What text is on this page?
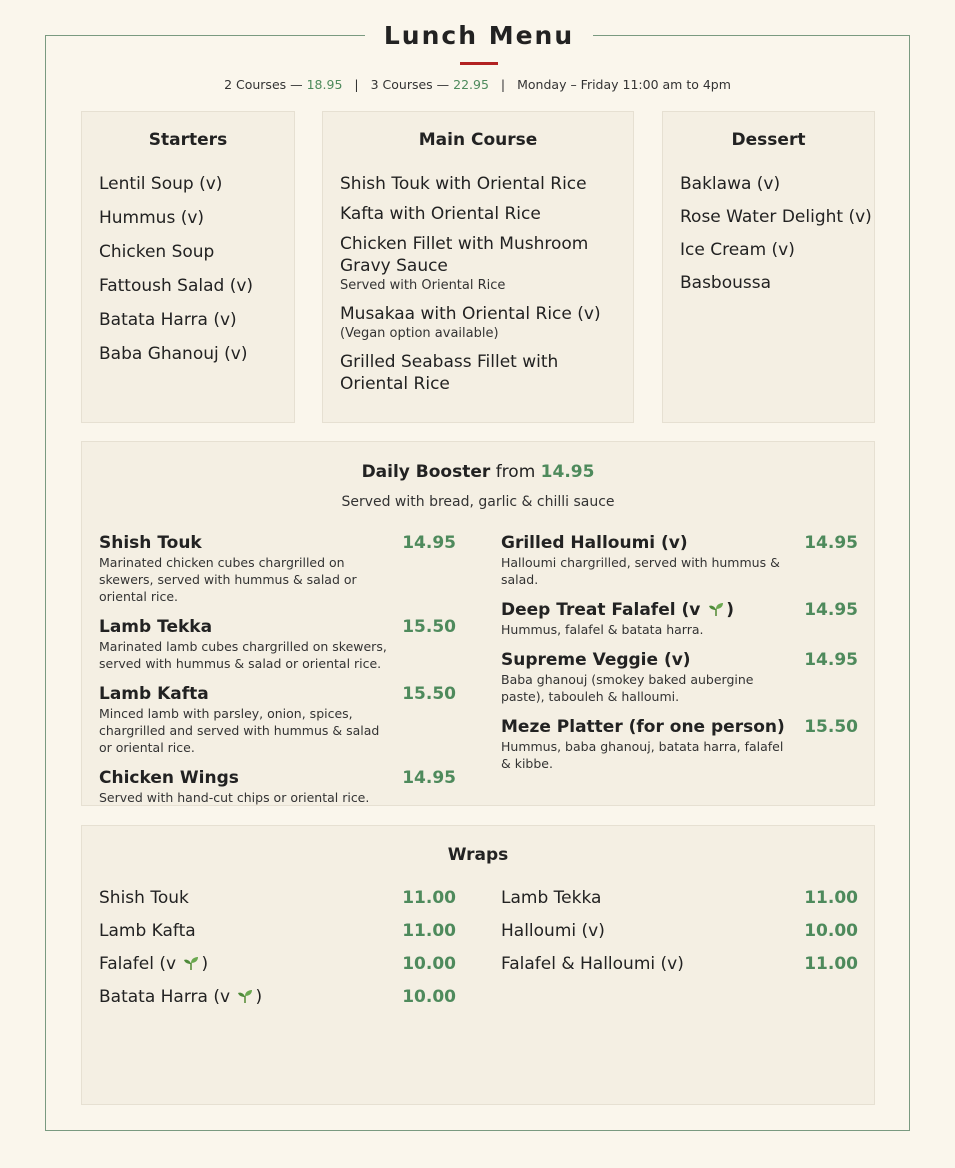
Lunch Menu
2 Courses — 18.95 | 3 Courses — 22.95 | Monday – Friday 11:00 am to 4pm
Starters
Lentil Soup (v)
Hummus (v)
Chicken Soup
Fattoush Salad (v)
Batata Harra (v)
Baba Ghanouj (v)
Main Course
Shish Touk with Oriental Rice
Kafta with Oriental Rice
Chicken Fillet with Mushroom Gravy Sauce
Served with Oriental Rice
Musakaa with Oriental Rice (v)
(Vegan option available)
Grilled Seabass Fillet with Oriental Rice
Dessert
Baklawa (v)
Rose Water Delight (v)
Ice Cream (v)
Basboussa
Daily Booster from 14.95
Served with bread, garlic & chilli sauce
Shish Touk	14.95
Marinated chicken cubes chargrilled on skewers, served with hummus & salad or oriental rice.
Lamb Tekka	15.50
Marinated lamb cubes chargrilled on skewers, served with hummus & salad or oriental rice.
Lamb Kafta	15.50
Minced lamb with parsley, onion, spices, chargrilled and served with hummus & salad or oriental rice.
Chicken Wings	14.95
Served with hand-cut chips or oriental rice.
Grilled Halloumi (v)	14.95
Halloumi chargrilled, served with hummus & salad.
Deep Treat Falafel (v )	14.95
Hummus, falafel & batata harra.
Supreme Veggie (v)	14.95
Baba ghanouj (smokey baked aubergine paste), tabouleh & halloumi.
Meze Platter (for one person)	15.50
Hummus, baba ghanouj, batata harra, falafel & kibbe.
Wraps
Shish Touk	11.00
Lamb Kafta	11.00
Falafel (v )	10.00
Batata Harra (v )	10.00
Lamb Tekka	11.00
Halloumi (v)	10.00
Falafel & Halloumi (v)	11.00
